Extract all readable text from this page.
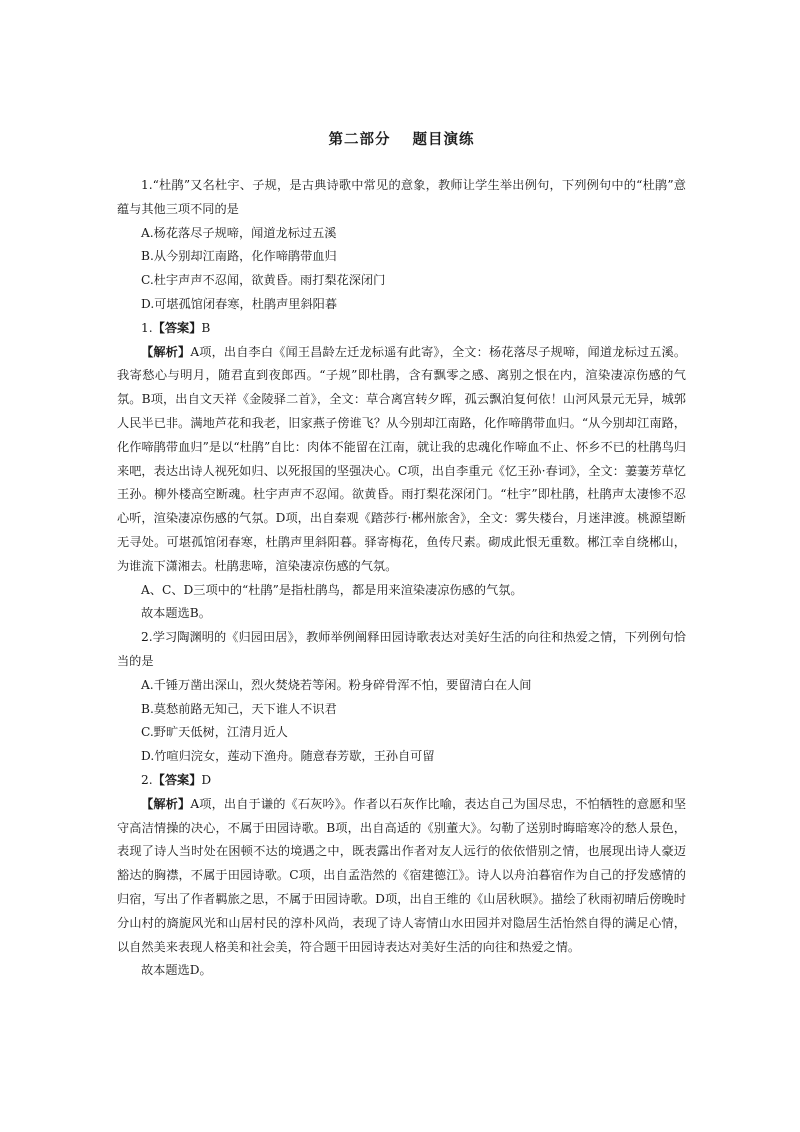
第二部分 题目演练

1.“杜鹃”又名杜宇、子规，是古典诗歌中常见的意象，教师让学生举出例句，下列例句中的“杜鹃”意蕴与其他三项不同的是

A.杨花落尽子规啼，闻道龙标过五溪

B.从今别却江南路，化作啼鹃带血归

C.杜宇声声不忍闻，欲黄昏。雨打梨花深闭门

D.可堪孤馆闭春寒，杜鹃声里斜阳暮

1.【答案】B

【解析】A项，出自李白《闻王昌龄左迁龙标遥有此寄》，全文：杨花落尽子规啼，闻道龙标过五溪。我寄愁心与明月，随君直到夜郎西。“子规”即杜鹃，含有飘零之感、离别之恨在内，渲染凄凉伤感的气氛。B项，出自文天祥《金陵驿二首》，全文：草合离宫转夕晖，孤云飘泊复何依！山河风景元无异，城郭人民半已非。满地芦花和我老，旧家燕子傍谁飞？从今别却江南路，化作啼鹃带血归。“从今别却江南路，化作啼鹃带血归”是以“杜鹃”自比：肉体不能留在江南，就让我的忠魂化作啼血不止、怀乡不已的杜鹃鸟归来吧，表达出诗人视死如归、以死报国的坚强决心。C项，出自李重元《忆王孙·春词》，全文：萋萋芳草忆王孙。柳外楼高空断魂。杜宇声声不忍闻。欲黄昏。雨打梨花深闭门。“杜宇”即杜鹃，杜鹃声太凄惨不忍心听，渲染凄凉伤感的气氛。D项，出自秦观《踏莎行·郴州旅舍》，全文：雾失楼台，月迷津渡。桃源望断无寻处。可堪孤馆闭春寒，杜鹃声里斜阳暮。驿寄梅花，鱼传尺素。砌成此恨无重数。郴江幸自绕郴山，为谁流下潇湘去。杜鹃悲啼，渲染凄凉伤感的气氛。

A、C、D三项中的“杜鹃”是指杜鹃鸟，都是用来渲染凄凉伤感的气氛。

故本题选B。

2.学习陶渊明的《归园田居》，教师举例阐释田园诗歌表达对美好生活的向往和热爱之情，下列例句恰当的是

A.千锤万凿出深山，烈火焚烧若等闲。粉身碎骨浑不怕，要留清白在人间

B.莫愁前路无知己，天下谁人不识君

C.野旷天低树，江清月近人

D.竹喧归浣女，莲动下渔舟。随意春芳歇，王孙自可留

2.【答案】D

【解析】A项，出自于谦的《石灰吟》。作者以石灰作比喻，表达自己为国尽忠，不怕牺牲的意愿和坚守高洁情操的决心，不属于田园诗歌。B项，出自高适的《别董大》。勾勒了送别时晦暗寒冷的愁人景色，表现了诗人当时处在困顿不达的境遇之中，既表露出作者对友人远行的依依惜别之情，也展现出诗人豪迈豁达的胸襟，不属于田园诗歌。C项，出自孟浩然的《宿建德江》。诗人以舟泊暮宿作为自己的抒发感情的归宿，写出了作者羁旅之思，不属于田园诗歌。D项，出自王维的《山居秋暝》。描绘了秋雨初晴后傍晚时分山村的旖旎风光和山居村民的淳朴风尚，表现了诗人寄情山水田园并对隐居生活怡然自得的满足心情，以自然美来表现人格美和社会美，符合题干田园诗表达对美好生活的向往和热爱之情。

故本题选D。
